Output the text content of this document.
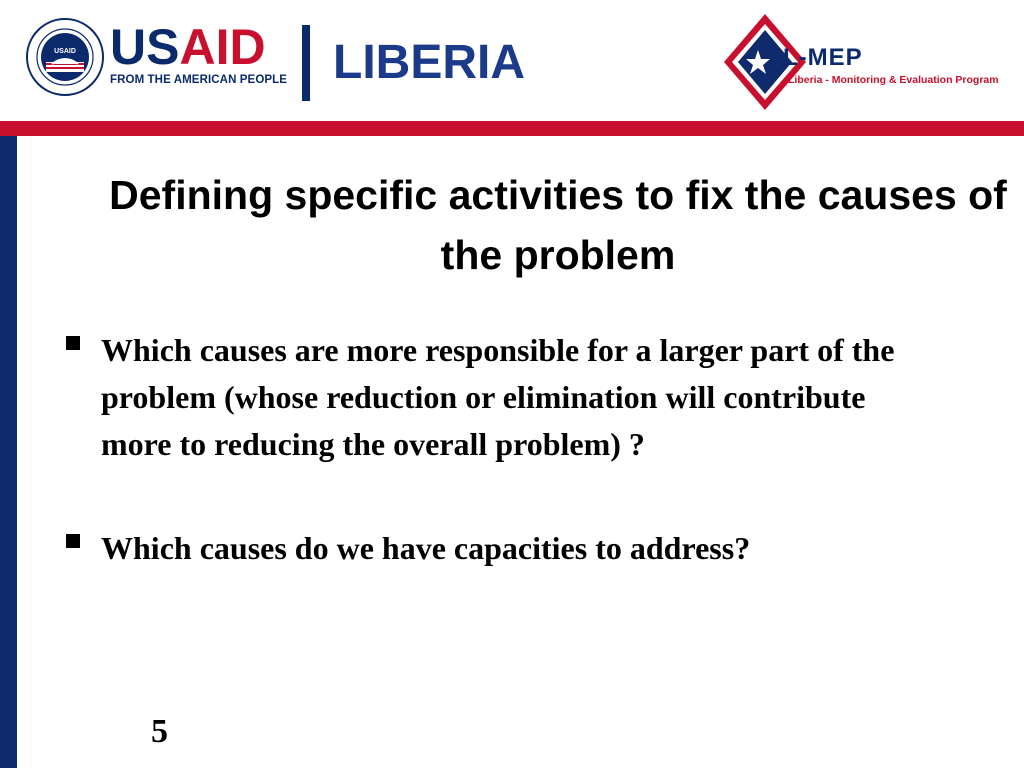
USAID USAID
FROM THE AMERICAN PEOPLE LIBERIA	L-MEP
Liberia - Monitoring & Evaluation Program
Defining specific activities to fix the causes of the problem
Which causes are more responsible for a larger part of the problem (whose reduction or elimination will contribute more to reducing the overall problem) ?
Which causes do we have capacities to address?
5
